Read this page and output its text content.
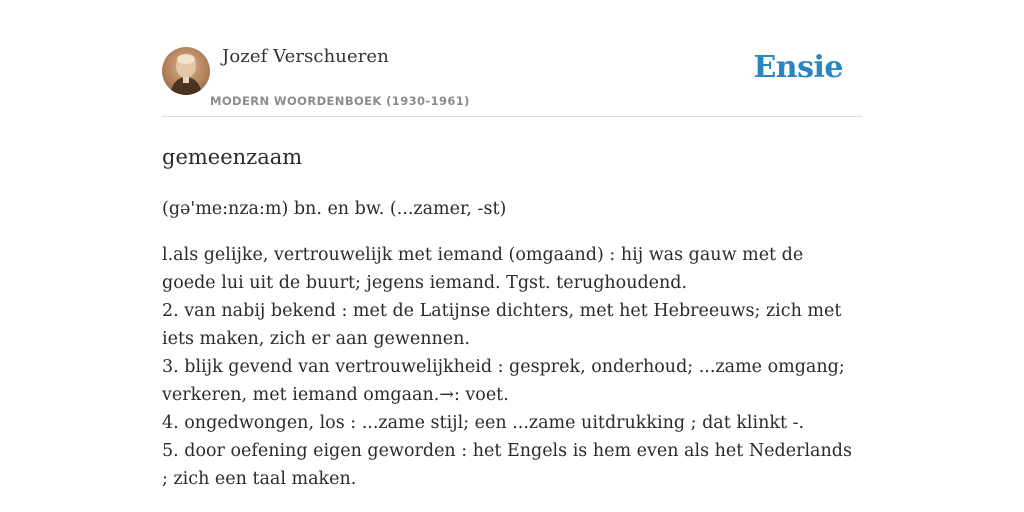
Jozef Verschueren
MODERN WOORDENBOEK (1930-1961)
Ensie
gemeenzaam
(gə'me:nza:m) bn. en bw. (...zamer, -st)

l.als gelijke, vertrouwelijk met iemand (omgaand) : hij was gauw met de goede lui uit de buurt; jegens iemand. Tgst. terughoudend.

2. van nabij bekend : met de Latijnse dichters, met het Hebreeuws; zich met iets maken, zich er aan gewennen.

3. blijk gevend van vertrouwelijkheid : gesprek, onderhoud; ...zame omgang; verkeren, met iemand omgaan.→: voet.

4. ongedwongen, los : ...zame stijl; een ...zame uitdrukking ; dat klinkt -.

5. door oefening eigen geworden : het Engels is hem even als het Nederlands ; zich een taal maken.
